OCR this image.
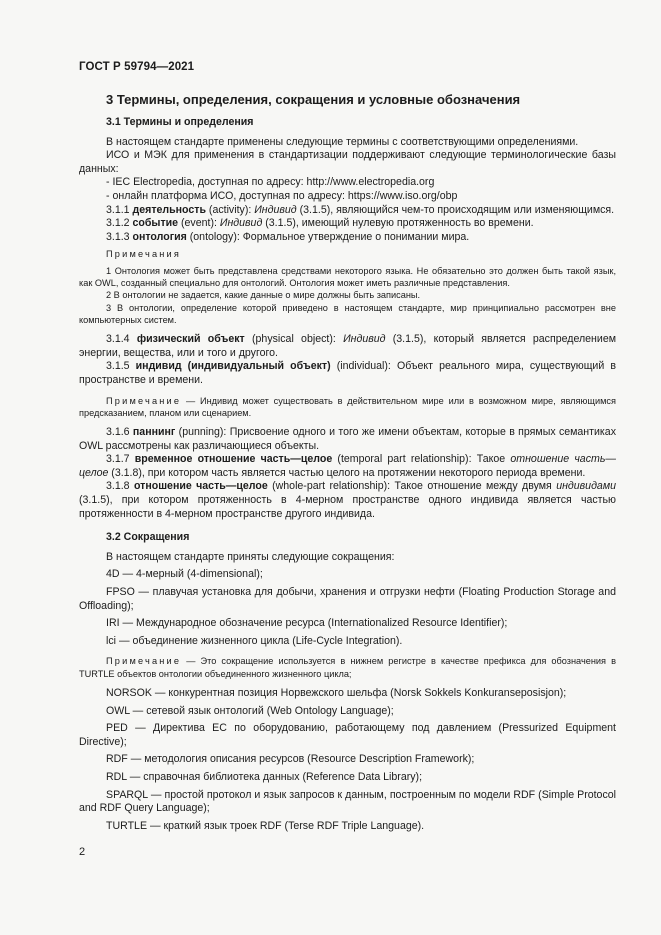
ГОСТ Р 59794—2021

3 Термины, определения, сокращения и условные обозначения

3.1 Термины и определения

В настоящем стандарте применены следующие термины с соответствующими определениями.

ИСО и МЭК для применения в стандартизации поддерживают следующие терминологические базы данных:

- IEC Electropedia, доступная по адресу: http://www.electropedia.org

- онлайн платформа ИСО, доступная по адресу: https://www.iso.org/obp

3.1.1 деятельность (activity): Индивид (3.1.5), являющийся чем-то происходящим или изменяющимся.

3.1.2 событие (event): Индивид (3.1.5), имеющий нулевую протяженность во времени.

3.1.3 онтология (ontology): Формальное утверждение о понимании мира.

Примечания

1 Онтология может быть представлена средствами некоторого языка. Не обязательно это должен быть такой язык, как OWL, созданный специально для онтологий. Онтология может иметь различные представления.

2 В онтологии не задается, какие данные о мире должны быть записаны.

3 В онтологии, определение которой приведено в настоящем стандарте, мир принципиально рассмотрен вне компьютерных систем.

3.1.4 физический объект (physical object): Индивид (3.1.5), который является распределением энергии, вещества, или и того и другого.

3.1.5 индивид (индивидуальный объект) (individual): Объект реального мира, существующий в пространстве и времени.

Примечание — Индивид может существовать в действительном мире или в возможном мире, являющимся предсказанием, планом или сценарием.

3.1.6 паннинг (punning): Присвоение одного и того же имени объектам, которые в прямых семантиках OWL рассмотрены как различающиеся объекты.

3.1.7 временное отношение часть—целое (temporal part relationship): Такое отношение часть—целое (3.1.8), при котором часть является частью целого на протяжении некоторого периода времени.

3.1.8 отношение часть—целое (whole-part relationship): Такое отношение между двумя индивидами (3.1.5), при котором протяженность в 4-мерном пространстве одного индивида является частью протяженности в 4-мерном пространстве другого индивида.

3.2 Сокращения

В настоящем стандарте приняты следующие сокращения:

4D — 4-мерный (4-dimensional);

FPSO — плавучая установка для добычи, хранения и отгрузки нефти (Floating Production Storage and Offloading);

IRI — Международное обозначение ресурса (Internationalized Resource Identifier);

lci — объединение жизненного цикла (Life-Cycle Integration).

Примечание — Это сокращение используется в нижнем регистре в качестве префикса для обозначения в TURTLE объектов онтологии объединенного жизненного цикла;

NORSOK — конкурентная позиция Норвежского шельфа (Norsk Sokkels Konkuranseposisjon);

OWL — сетевой язык онтологий (Web Ontology Language);

PED — Директива ЕС по оборудованию, работающему под давлением (Pressurized Equipment Directive);

RDF — методология описания ресурсов (Resource Description Framework);

RDL — справочная библиотека данных (Reference Data Library);

SPARQL — простой протокол и язык запросов к данным, построенным по модели RDF (Simple Protocol and RDF Query Language);

TURTLE — краткий язык троек RDF (Terse RDF Triple Language).

2
